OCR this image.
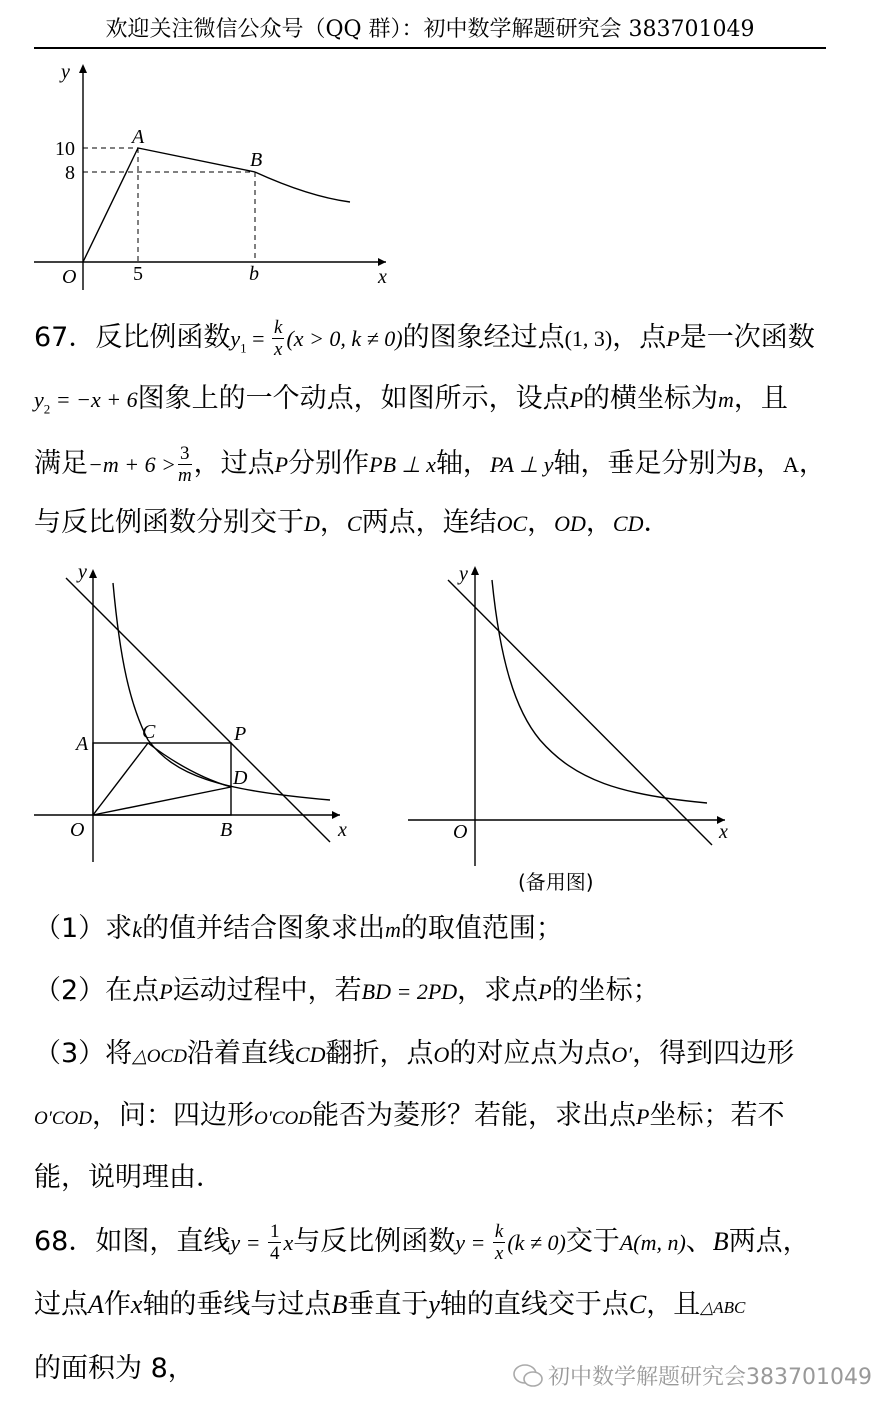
欢迎关注微信公众号（QQ 群）：初中数学解题研究会 383701049
y
x
O
A
B
10
8
5	b
67．反比例函数$y_1 = \frac{k}{x} (x > 0$, k ≠ 0)的图象经过点(1, 3)，点P是一次函数
$y_2 = -x + 6$图象上的一个动点，如图所示，设点P的横坐标为m，且
满足$-m + 6 > \frac{3}{m}$ ，过点P分别作PB ⊥ x轴，PA ⊥ y轴，垂足分别为B，A，
与反比例函数分别交于D，C两点，连结OC，OD，CD．
y
x
O
A
B
C
D
P
y
x
O
(备用图)
（1）求k的值并结合图象求出m的取值范围；
（2）在点P运动过程中，若BD = 2PD，求点P的坐标；
（3）将△OCD沿着直线CD翻折，点O的对应点为点O′，得到四边形
O′COD，问：四边形O′COD能否为菱形？若能，求出点P坐标；若不
能，说明理由．
68．如图，直线$y = \frac{1}{4}$ x与反比例函数$y = \frac{k}{x} (k \ne 0)$交于A(m, n)、B两点，
过点A作x轴的垂线与过点B垂直于y轴的直线交于点C，且△ABC
的面积为 8，	初中数学解题研究会383701049
